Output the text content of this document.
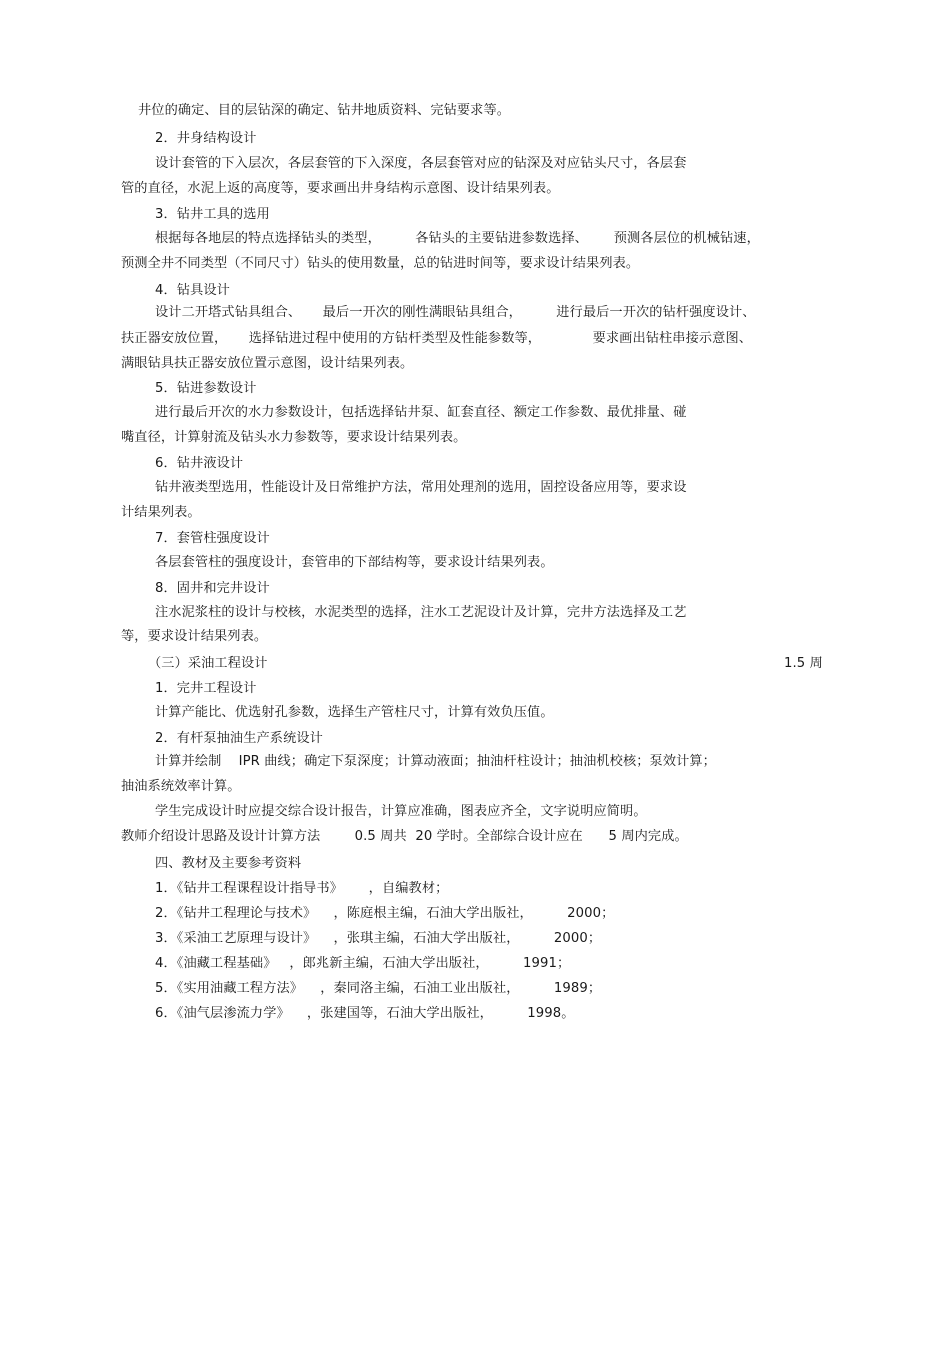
井位的确定、目的层钻深的确定、钻井地质资料、完钻要求等。
2．井身结构设计
设计套管的下入层次，各层套管的下入深度，各层套管对应的钻深及对应钻头尺寸，各层套
管的直径，水泥上返的高度等，要求画出井身结构示意图、设计结果列表。
3．钻井工具的选用
根据每各地层的特点选择钻头的类型，        各钻头的主要钻进参数选择、      预测各层位的机械钻速，
预测全井不同类型（不同尺寸）钻头的使用数量，总的钻进时间等，要求设计结果列表。
4．钻具设计
设计二开塔式钻具组合、     最后一开次的刚性满眼钻具组合，        进行最后一开次的钻杆强度设计、
扶正器安放位置，     选择钻进过程中使用的方钻杆类型及性能参数等，            要求画出钻柱串接示意图、
满眼钻具扶正器安放位置示意图，设计结果列表。
5．钻进参数设计
进行最后开次的水力参数设计，包括选择钻井泵、缸套直径、额定工作参数、最优排量、碰
嘴直径，计算射流及钻头水力参数等，要求设计结果列表。
6．钻井液设计
钻井液类型选用，性能设计及日常维护方法，常用处理剂的选用，固控设备应用等，要求设
计结果列表。
7．套管柱强度设计
各层套管柱的强度设计，套管串的下部结构等，要求设计结果列表。
8．固井和完井设计
注水泥浆柱的设计与校核，水泥类型的选择，注水工艺泥设计及计算，完井方法选择及工艺
等，要求设计结果列表。
（三）采油工程设计	1.5 周
1．完井工程设计
计算产能比、优选射孔参数，选择生产管柱尺寸，计算有效负压值。
2．有杆泵抽油生产系统设计
计算并绘制    IPR 曲线；确定下泵深度；计算动液面；抽油杆柱设计；抽油机校核；泵效计算；
抽油系统效率计算。
学生完成设计时应提交综合设计报告，计算应准确，图表应齐全，文字说明应简明。
教师介绍设计思路及设计计算方法        0.5 周共  20 学时。全部综合设计应在      5 周内完成。
四、教材及主要参考资料
1．《钻井工程课程设计指导书》      ，自编教材；
2．《钻井工程理论与技术》    ，陈庭根主编，石油大学出版社，        2000；
3．《采油工艺原理与设计》    ，张琪主编，石油大学出版社，        2000；
4．《油藏工程基础》   ，郎兆新主编，石油大学出版社，        1991；
5．《实用油藏工程方法》    ，秦同洛主编，石油工业出版社，        1989；
6．《油气层渗流力学》    ，张建国等，石油大学出版社，        1998。
